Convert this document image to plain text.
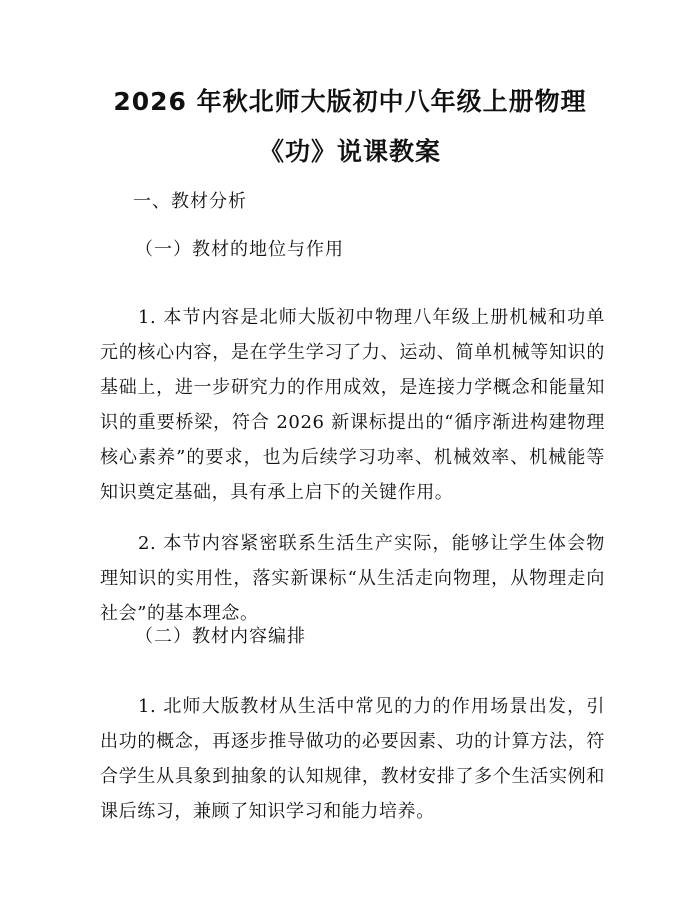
2026 年秋北师大版初中八年级上册物理
《功》说课教案
一、教材分析
（一）教材的地位与作用

1. 本节内容是北师大版初中物理八年级上册机械和功单元的核心内容，是在学生学习了力、运动、简单机械等知识的基础上，进一步研究力的作用成效，是连接力学概念和能量知识的重要桥梁，符合 2026 新课标提出的“循序渐进构建物理核心素养”的要求，也为后续学习功率、机械效率、机械能等知识奠定基础，具有承上启下的关键作用。

2. 本节内容紧密联系生活生产实际，能够让学生体会物理知识的实用性，落实新课标“从生活走向物理，从物理走向社会”的基本理念。

（二）教材内容编排

1. 北师大版教材从生活中常见的力的作用场景出发，引出功的概念，再逐步推导做功的必要因素、功的计算方法，符合学生从具象到抽象的认知规律，教材安排了多个生活实例和课后练习，兼顾了知识学习和能力培养。
